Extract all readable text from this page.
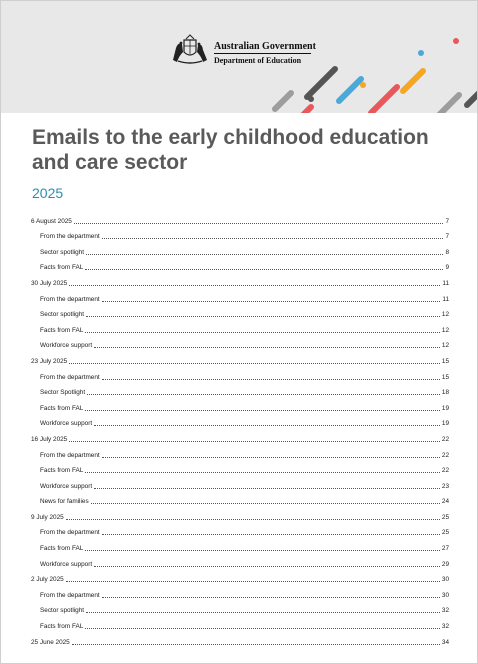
Australian Government
Department of Education
Emails to the early childhood education and care sector
2025
6 August 2025	7
From the department	7
Sector spotlight	8
Facts from FAL	9
30 July 2025	11
From the department	11
Sector spotlight	12
Facts from FAL	12
Workforce support	12
23 July 2025	15
From the department	15
Sector Spotlight	18
Facts from FAL	19
Workforce support	19
16 July 2025	22
From the department	22
Facts from FAL	22
Workforce support	23
News for families	24
9 July 2025	25
From the department	25
Facts from FAL	27
Workforce support	29
2 July 2025	30
From the department	30
Sector spotlight	32
Facts from FAL	32
25 June 2025	34
